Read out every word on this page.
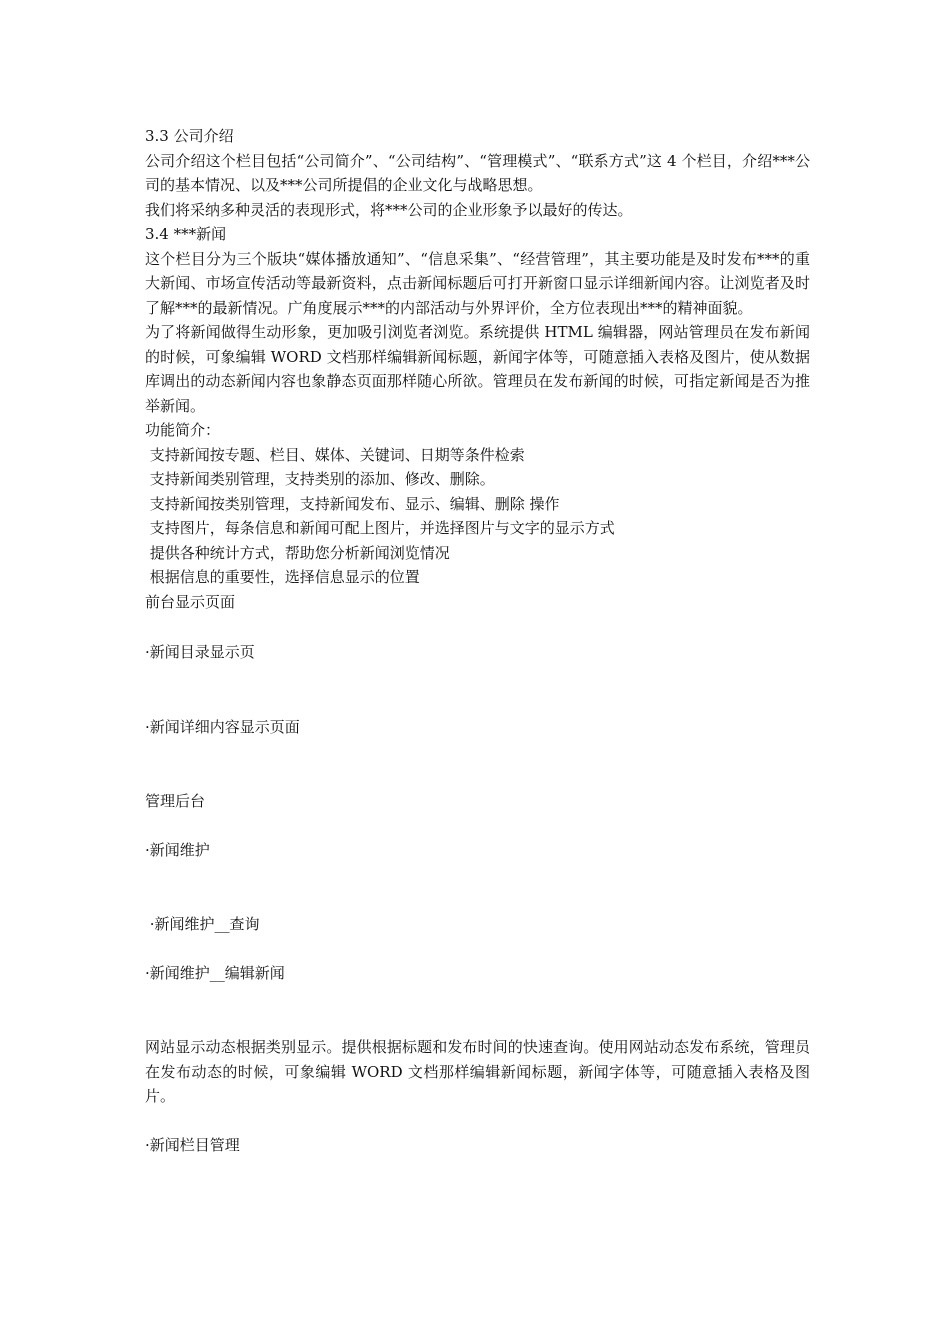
3.3 公司介绍
公司介绍这个栏目包括“公司简介”、“公司结构”、“管理模式”、“联系方式”这 4 个栏目，介绍***公司的基本情况、以及***公司所提倡的企业文化与战略思想。
我们将采纳多种灵活的表现形式，将***公司的企业形象予以最好的传达。
3.4 ***新闻
这个栏目分为三个版块“媒体播放通知”、“信息采集”、“经营管理”，其主要功能是及时发布***的重大新闻、市场宣传活动等最新资料，点击新闻标题后可打开新窗口显示详细新闻内容。让浏览者及时了解***的最新情况。广角度展示***的内部活动与外界评价，全方位表现出***的精神面貌。
为了将新闻做得生动形象，更加吸引浏览者浏览。系统提供 HTML 编辑器，网站管理员在发布新闻的时候，可象编辑 WORD 文档那样编辑新闻标题，新闻字体等，可随意插入表格及图片，使从数据库调出的动态新闻内容也象静态页面那样随心所欲。管理员在发布新闻的时候，可指定新闻是否为推举新闻。
功能简介：
支持新闻按专题、栏目、媒体、关键词、日期等条件检索
支持新闻类别管理，支持类别的添加、修改、删除。
支持新闻按类别管理，支持新闻发布、显示、编辑、删除 操作
支持图片，每条信息和新闻可配上图片，并选择图片与文字的显示方式
提供各种统计方式，帮助您分析新闻浏览情况
根据信息的重要性，选择信息显示的位置
前台显示页面
·新闻目录显示页
·新闻详细内容显示页面
管理后台
·新闻维护
·新闻维护__查询
·新闻维护__编辑新闻
网站显示动态根据类别显示。提供根据标题和发布时间的快速查询。使用网站动态发布系统，管理员在发布动态的时候，可象编辑 WORD 文档那样编辑新闻标题，新闻字体等，可随意插入表格及图片。
·新闻栏目管理
